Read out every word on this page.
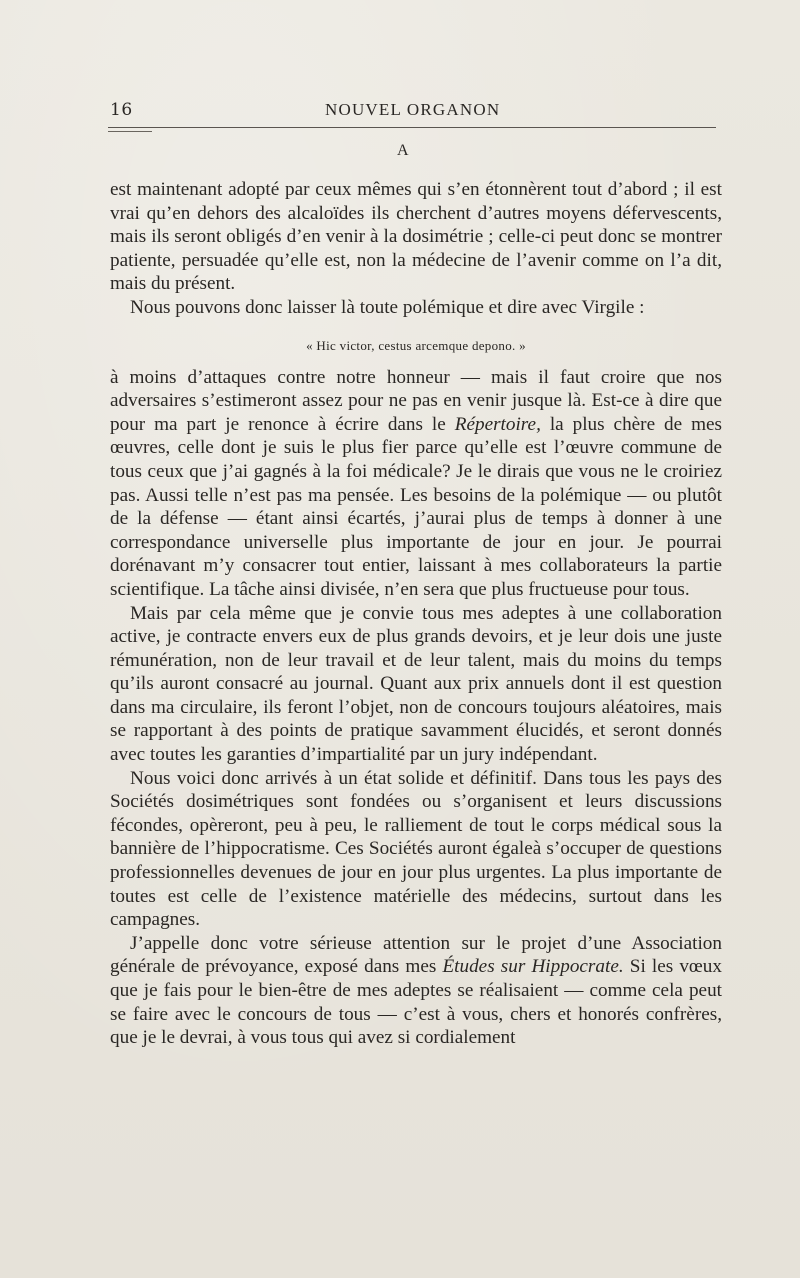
16	NOUVEL ORGANON
A

est maintenant adopté par ceux mêmes qui s’en étonnèrent tout d’abord ; il est vrai qu’en dehors des alcaloïdes ils cherchent d’autres moyens défervescents, mais ils seront obligés d’en venir à la dosimétrie ; celle-ci peut donc se montrer patiente, persuadée qu’elle est, non la médecine de l’avenir comme on l’a dit, mais du présent.

Nous pouvons donc laisser là toute polémique et dire avec Virgile :

« Hic victor, cestus arcemque depono. »

à moins d’attaques contre notre honneur — mais il faut croire que nos adversaires s’estimeront assez pour ne pas en venir jusque là. Est-ce à dire que pour ma part je renonce à écrire dans le Répertoire, la plus chère de mes œuvres, celle dont je suis le plus fier parce qu’elle est l’œuvre commune de tous ceux que j’ai gagnés à la foi médicale? Je le dirais que vous ne le croiriez pas. Aussi telle n’est pas ma pensée. Les besoins de la polémique — ou plutôt de la défense — étant ainsi écartés, j’aurai plus de temps à donner à une correspondance universelle plus importante de jour en jour. Je pourrai dorénavant m’y consacrer tout entier, laissant à mes collaborateurs la partie scientifique. La tâche ainsi divisée, n’en sera que plus fructueuse pour tous.

Mais par cela même que je convie tous mes adeptes à une collaboration active, je contracte envers eux de plus grands devoirs, et je leur dois une juste rémunération, non de leur travail et de leur talent, mais du moins du temps qu’ils auront consacré au journal. Quant aux prix annuels dont il est question dans ma circulaire, ils feront l’objet, non de concours toujours aléatoires, mais se rapportant à des points de pratique savamment élucidés, et seront donnés avec toutes les garanties d’impartialité par un jury indépendant.

Nous voici donc arrivés à un état solide et définitif. Dans tous les pays des Sociétés dosimétriques sont fondées ou s’organisent et leurs discussions fécondes, opèreront, peu à peu, le ralliement de tout le corps médical sous la bannière de l’hippocratisme. Ces Sociétés auront égaleà s’occuper de questions professionnelles devenues de jour en jour plus urgentes. La plus importante de toutes est celle de l’existence matérielle des médecins, surtout dans les campagnes.

J’appelle donc votre sérieuse attention sur le projet d’une Association générale de prévoyance, exposé dans mes Études sur Hippocrate. Si les vœux que je fais pour le bien-être de mes adeptes se réalisaient — comme cela peut se faire avec le concours de tous — c’est à vous, chers et honorés confrères, que je le devrai, à vous tous qui avez si cordialement
